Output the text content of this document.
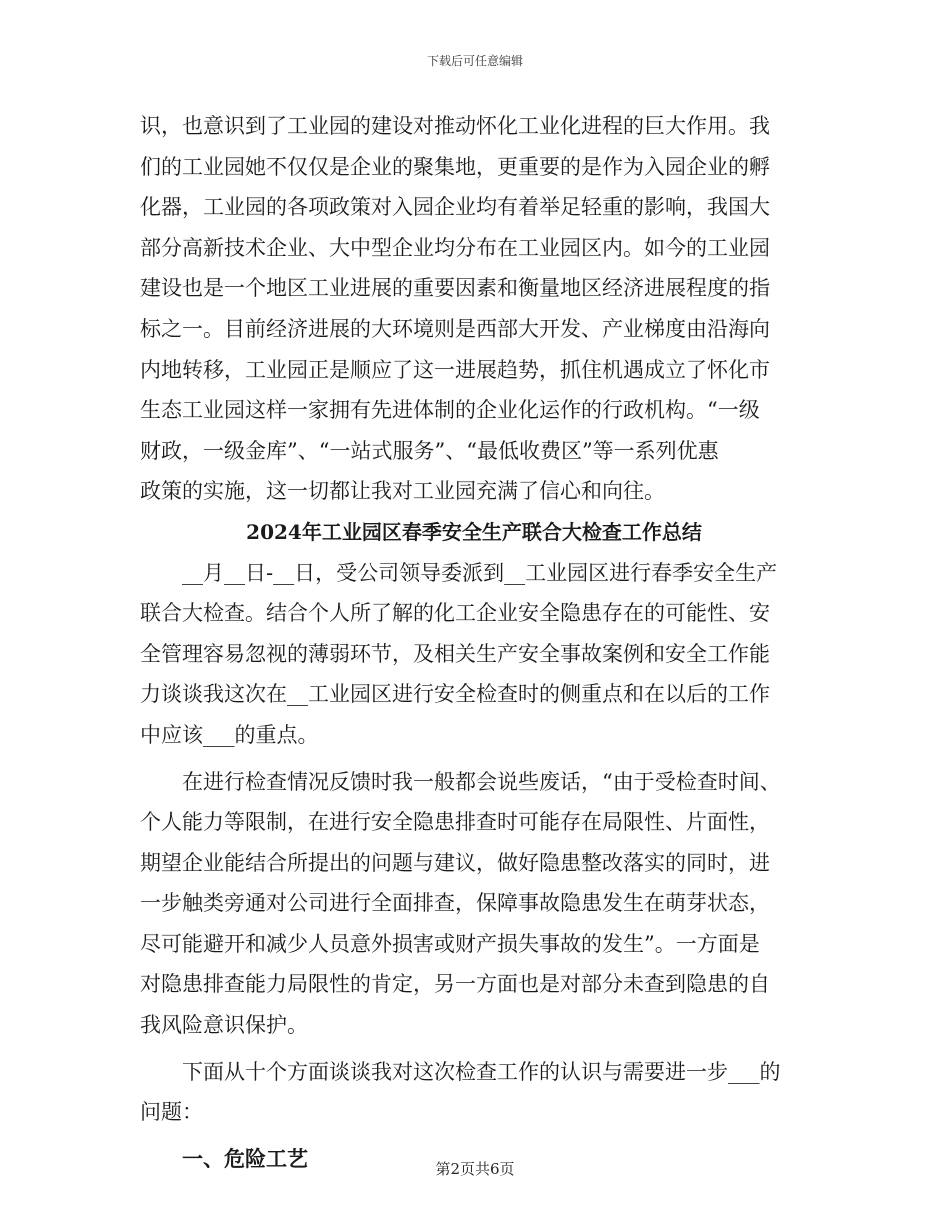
下载后可任意编辑
识，也意识到了工业园的建设对推动怀化工业化进程的巨大作用。我
们的工业园她不仅仅是企业的聚集地，更重要的是作为入园企业的孵
化器，工业园的各项政策对入园企业均有着举足轻重的影响，我国大
部分高新技术企业、大中型企业均分布在工业园区内。如今的工业园
建设也是一个地区工业进展的重要因素和衡量地区经济进展程度的指
标之一。目前经济进展的大环境则是西部大开发、产业梯度由沿海向
内地转移，工业园正是顺应了这一进展趋势，抓住机遇成立了怀化市
生态工业园这样一家拥有先进体制的企业化运作的行政机构。“一级
财政，一级金库”、“一站式服务”、“最低收费区”等一系列优惠
政策的实施，这一切都让我对工业园充满了信心和向往。
2024年工业园区春季安全生产联合大检查工作总结
__月__日-__日，受公司领导委派到__工业园区进行春季安全生产
联合大检查。结合个人所了解的化工企业安全隐患存在的可能性、安
全管理容易忽视的薄弱环节，及相关生产安全事故案例和安全工作能
力谈谈我这次在__工业园区进行安全检查时的侧重点和在以后的工作
中应该___的重点。
在进行检查情况反馈时我一般都会说些废话，“由于受检查时间、
个人能力等限制，在进行安全隐患排查时可能存在局限性、片面性，
期望企业能结合所提出的问题与建议，做好隐患整改落实的同时，进
一步触类旁通对公司进行全面排查，保障事故隐患发生在萌芽状态，
尽可能避开和减少人员意外损害或财产损失事故的发生”。一方面是
对隐患排查能力局限性的肯定，另一方面也是对部分未查到隐患的自
我风险意识保护。
下面从十个方面谈谈我对这次检查工作的认识与需要进一步___的
问题：
一、危险工艺	第2页共6页
